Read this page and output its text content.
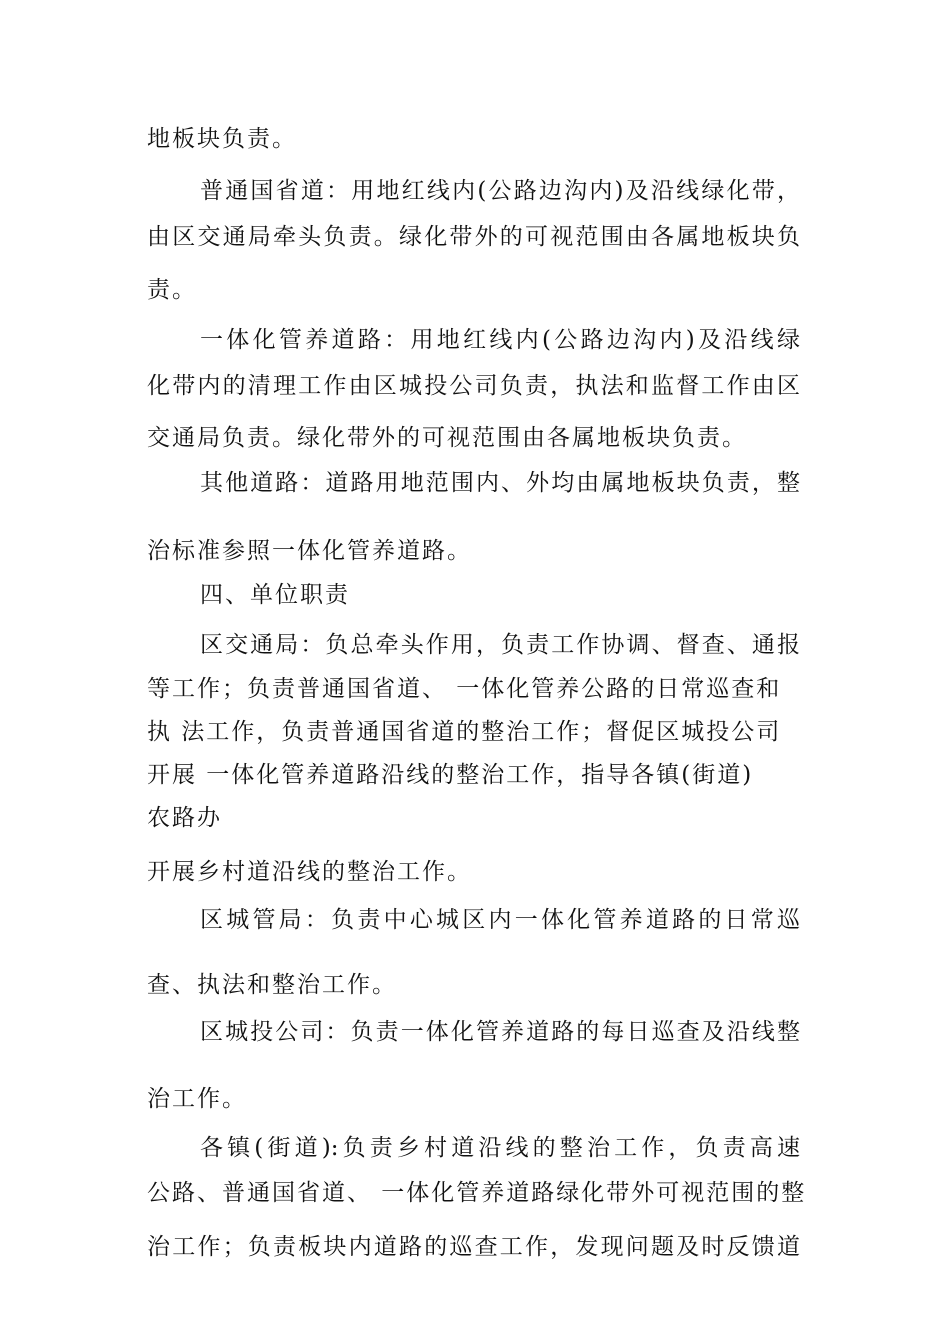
地板块负责。
普通国省道：用地红线内(公路边沟内)及沿线绿化带，
由区交通局牵头负责。绿化带外的可视范围由各属地板块负
责。
一体化管养道路：用地红线内(公路边沟内)及沿线绿
化带内的清理工作由区城投公司负责，执法和监督工作由区
交通局负责。绿化带外的可视范围由各属地板块负责。
其他道路：道路用地范围内、外均由属地板块负责，整
治标准参照一体化管养道路。
四、单位职责
区交通局：负总牵头作用，负责工作协调、督查、通报
等工作；负责普通国省道、 一体化管养公路的日常巡查和
执 法工作，负责普通国省道的整治工作；督促区城投公司
开展 一体化管养道路沿线的整治工作，指导各镇(街道)
农路办
开展乡村道沿线的整治工作。
区城管局：负责中心城区内一体化管养道路的日常巡
查、执法和整治工作。
区城投公司：负责一体化管养道路的每日巡查及沿线整
治工作。
各镇(街道):负责乡村道沿线的整治工作，负责高速
公路、普通国省道、 一体化管养道路绿化带外可视范围的整
治工作；负责板块内道路的巡查工作，发现问题及时反馈道
